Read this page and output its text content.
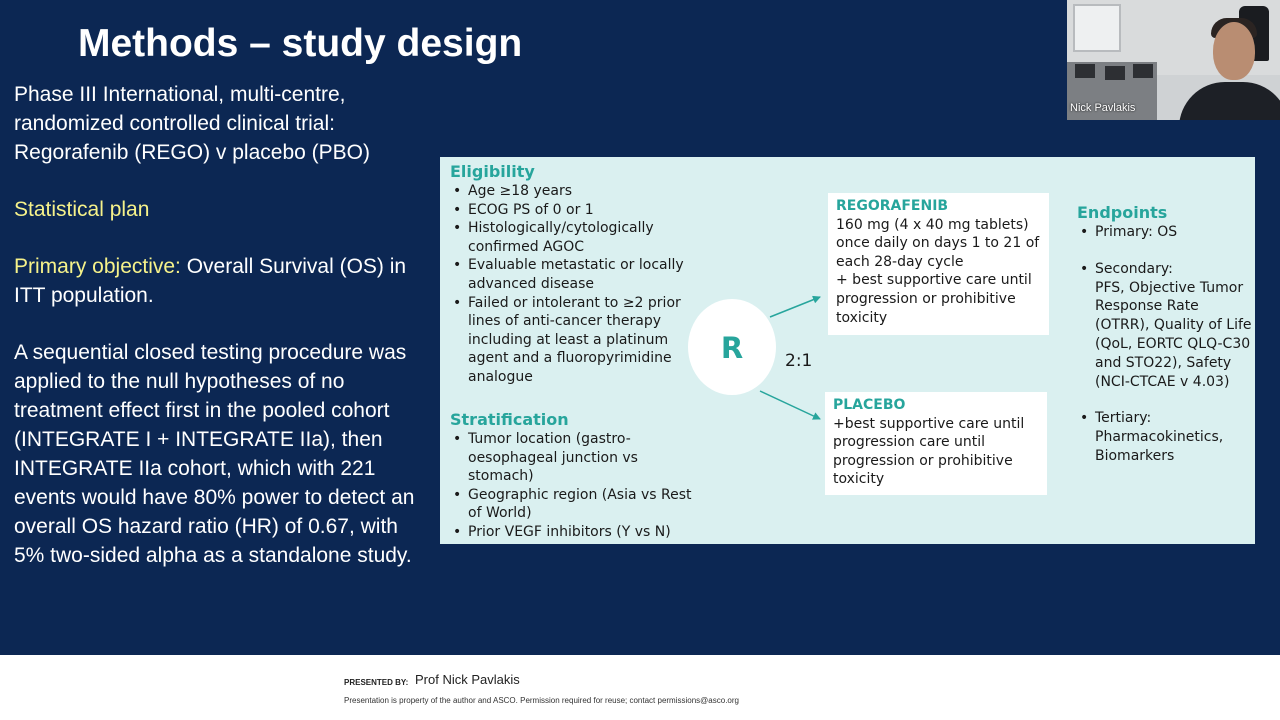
Methods – study design

Phase III International, multi-centre, randomized controlled clinical trial: Regorafenib (REGO) v placebo (PBO)

Statistical plan

Primary objective: Overall Survival (OS) in ITT population.

A sequential closed testing procedure was applied to the null hypotheses of no treatment effect first in the pooled cohort (INTEGRATE I + INTEGRATE IIa), then INTEGRATE IIa cohort, which with 221 events would have 80% power to detect an overall OS hazard ratio (HR) of 0.67, with 5% two-sided alpha as a standalone study.

Nick Pavlakis
Eligibility
• Age ≥18 years
• ECOG PS of 0 or 1
• Histologically/cytologically confirmed AGOC
• Evaluable metastatic or locally advanced disease
• Failed or intolerant to ≥2 prior lines of anti-cancer therapy including at least a platinum agent and a fluoropyrimidine analogue
Stratification
• Tumor location (gastro-oesophageal junction vs stomach)
• Geographic region (Asia vs Rest of World)
• Prior VEGF inhibitors (Y vs N)
R	2:1
REGORAFENIB

160 mg (4 x 40 mg tablets) once daily on days 1 to 21 of each 28-day cycle

+ best supportive care until progression or prohibitive toxicity

PLACEBO

+best supportive care until progression care until progression or prohibitive toxicity

Endpoints
• Primary: OS
• Secondary:
PFS, Objective Tumor Response Rate (OTRR), Quality of Life (QoL, EORTC QLQ-C30 and STO22), Safety (NCI-CTCAE v 4.03)
• Tertiary:
Pharmacokinetics, Biomarkers
PRESENTED BY: Prof Nick Pavlakis
Presentation is property of the author and ASCO. Permission required for reuse; contact permissions@asco.org
